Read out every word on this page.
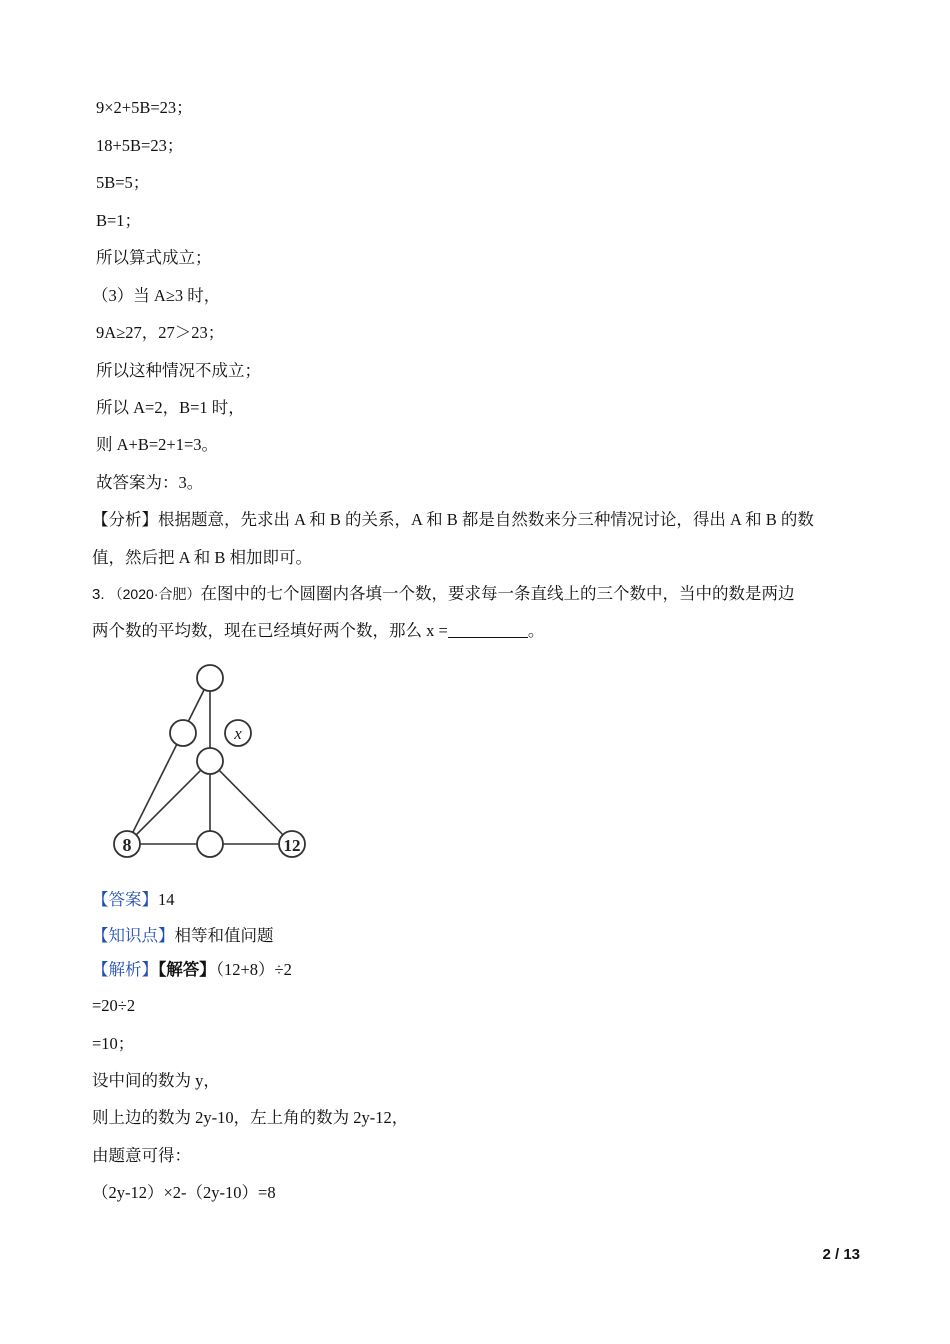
9×2+5B=23；
18+5B=23；
5B=5；
B=1；
所以算式成立；
（3）当 A≥3 时，
9A≥27，27＞23；
所以这种情况不成立；
所以 A=2，B=1 时，
则 A+B=2+1=3。
故答案为：3。
【分析】根据题意，先求出 A 和 B 的关系，A 和 B 都是自然数来分三种情况讨论，得出 A 和 B 的数
值，然后把 A 和 B 相加即可。
3. （2020·合肥）在图中的七个圆圈内各填一个数，要求每一条直线上的三个数中，当中的数是两边
两个数的平均数，现在已经填好两个数，那么 x =	。
x
8	12
【答案】14
【知识点】相等和值问题
【解析】【解答】（12+8）÷2
=20÷2
=10；
设中间的数为 y，
则上边的数为 2y-10，左上角的数为 2y-12，
由题意可得：
（2y-12）×2-（2y-10）=8
2 / 13
